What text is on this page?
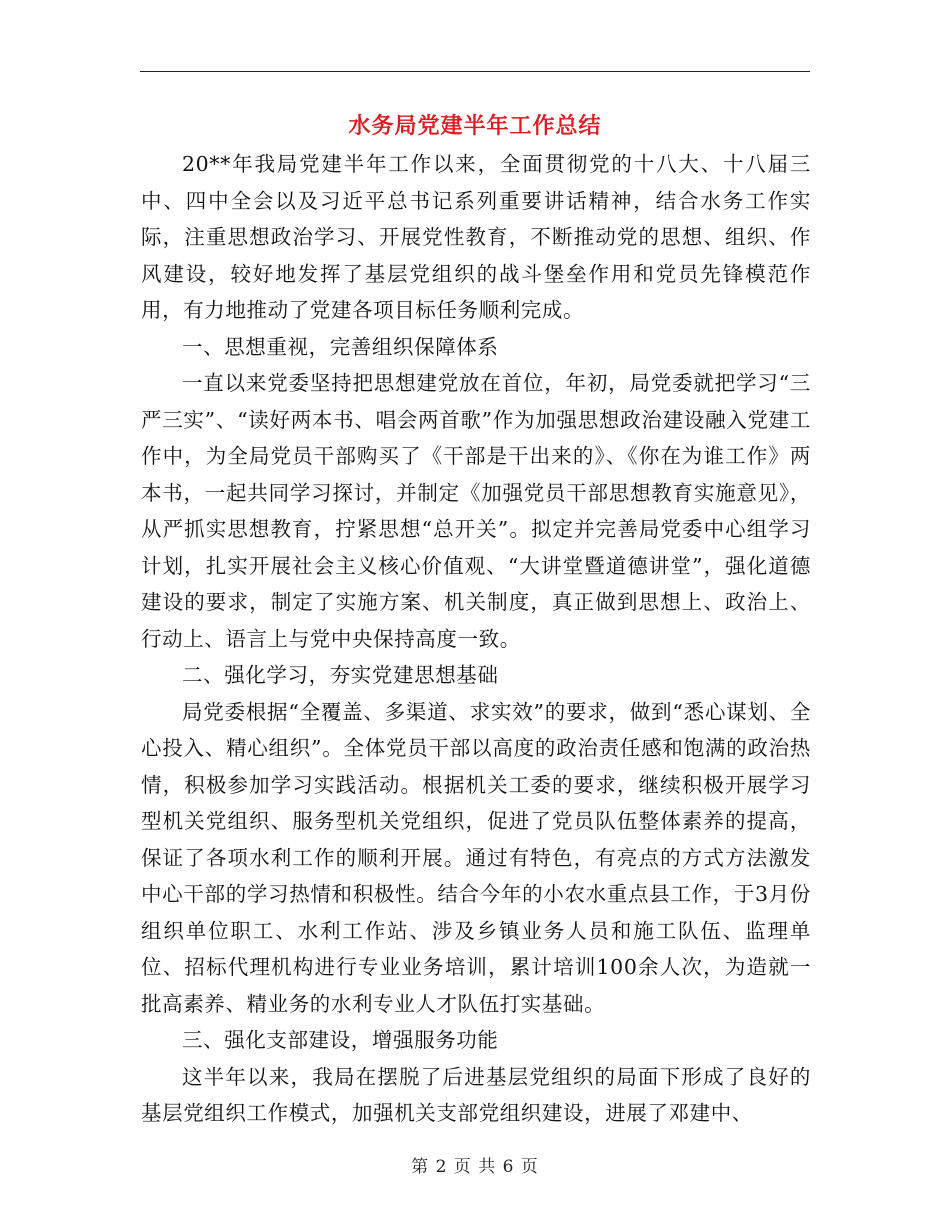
水务局党建半年工作总结

20**年我局党建半年工作以来，全面贯彻党的十八大、十八届三中、四中全会以及习近平总书记系列重要讲话精神，结合水务工作实际，注重思想政治学习、开展党性教育，不断推动党的思想、组织、作风建设，较好地发挥了基层党组织的战斗堡垒作用和党员先锋模范作用，有力地推动了党建各项目标任务顺利完成。

一、思想重视，完善组织保障体系

一直以来党委坚持把思想建党放在首位，年初，局党委就把学习“三严三实”、“读好两本书、唱会两首歌”作为加强思想政治建设融入党建工作中，为全局党员干部购买了《干部是干出来的》、《你在为谁工作》两本书，一起共同学习探讨，并制定《加强党员干部思想教育实施意见》，从严抓实思想教育，拧紧思想“总开关”。拟定并完善局党委中心组学习计划，扎实开展社会主义核心价值观、“大讲堂暨道德讲堂”，强化道德建设的要求，制定了实施方案、机关制度，真正做到思想上、政治上、行动上、语言上与党中央保持高度一致。

二、强化学习，夯实党建思想基础

局党委根据“全覆盖、多渠道、求实效”的要求，做到“悉心谋划、全心投入、精心组织”。全体党员干部以高度的政治责任感和饱满的政治热情，积极参加学习实践活动。根据机关工委的要求，继续积极开展学习型机关党组织、服务型机关党组织，促进了党员队伍整体素养的提高，保证了各项水利工作的顺利开展。通过有特色，有亮点的方式方法激发中心干部的学习热情和积极性。结合今年的小农水重点县工作，于3月份组织单位职工、水利工作站、涉及乡镇业务人员和施工队伍、监理单位、招标代理机构进行专业业务培训，累计培训100余人次，为造就一批高素养、精业务的水利专业人才队伍打实基础。

三、强化支部建设，增强服务功能

这半年以来，我局在摆脱了后进基层党组织的局面下形成了良好的基层党组织工作模式，加强机关支部党组织建设，进展了邓建中、

第 2 页 共 6 页
